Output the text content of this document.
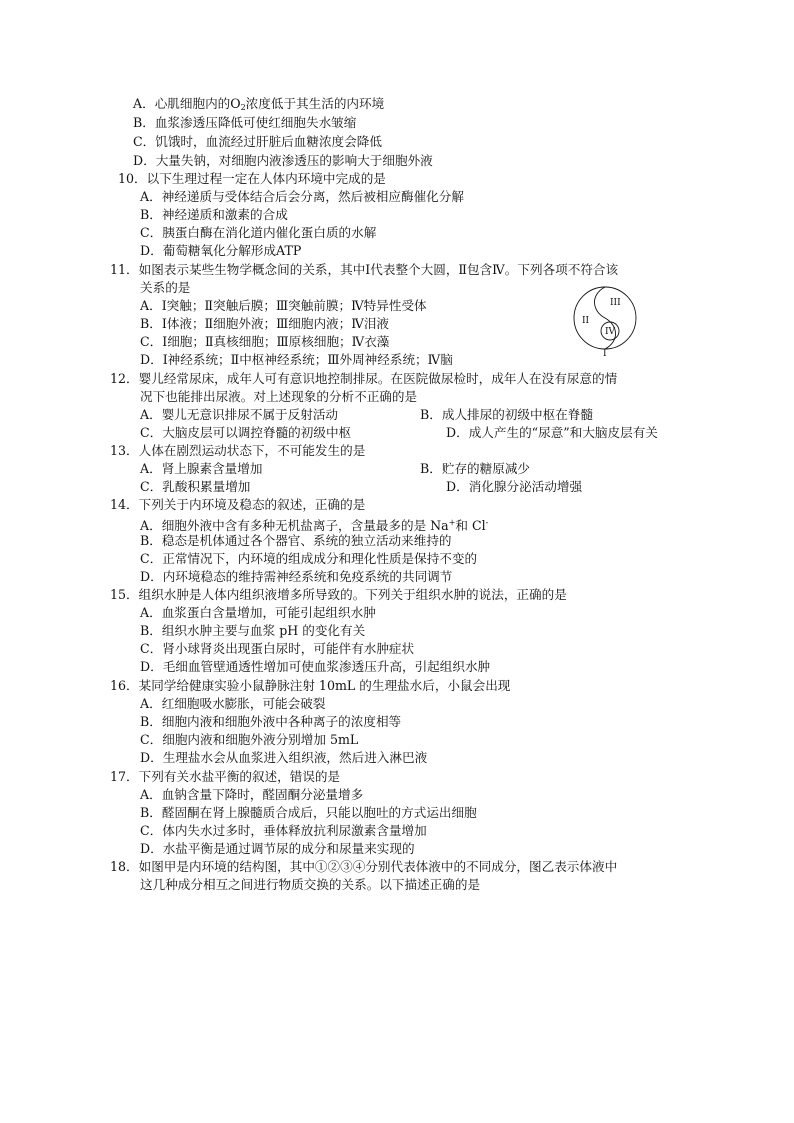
A．心肌细胞内的$O_2$浓度低于其生活的内环境
B．血浆渗透压降低可使红细胞失水皱缩
C．饥饿时，血流经过肝脏后血糖浓度会降低
D．大量失钠，对细胞内液渗透压的影响大于细胞外液
10．以下生理过程一定在人体内环境中完成的是
A．神经递质与受体结合后会分离，然后被相应酶催化分解
B．神经递质和激素的合成
C．胰蛋白酶在消化道内催化蛋白质的水解
D．葡萄糖氧化分解形成ATP
11．如图表示某些生物学概念间的关系，其中Ⅰ代表整个大圆，Ⅱ包含Ⅳ。下列各项不符合该
关系的是
A．Ⅰ突触；Ⅱ突触后膜；Ⅲ突触前膜；Ⅳ特异性受体
B．Ⅰ体液；Ⅱ细胞外液；Ⅲ细胞内液；Ⅳ泪液
C．Ⅰ细胞；Ⅱ真核细胞；Ⅲ原核细胞；Ⅳ衣藻
D．Ⅰ神经系统；Ⅱ中枢神经系统；Ⅲ外周神经系统；Ⅳ脑
III
II
IV
I
12．婴儿经常尿床，成年人可有意识地控制排尿。在医院做尿检时，成年人在没有尿意的情
况下也能排出尿液。对上述现象的分析不正确的是
A．婴儿无意识排尿不属于反射活动	B．成人排尿的初级中枢在脊髓
C．大脑皮层可以调控脊髓的初级中枢	D．成人产生的“尿意”和大脑皮层有关
13．人体在剧烈运动状态下，不可能发生的是
A．肾上腺素含量增加	B．贮存的糖原减少
C．乳酸积累量增加	D．消化腺分泌活动增强
14．下列关于内环境及稳态的叙述，正确的是
A．细胞外液中含有多种无机盐离子，含量最多的是 Na+和 Cl-
B．稳态是机体通过各个器官、系统的独立活动来维持的
C．正常情况下，内环境的组成成分和理化性质是保持不变的
D．内环境稳态的维持需神经系统和免疫系统的共同调节
15．组织水肿是人体内组织液增多所导致的。下列关于组织水肿的说法，正确的是
A．血浆蛋白含量增加，可能引起组织水肿
B．组织水肿主要与血浆 pH 的变化有关
C．肾小球肾炎出现蛋白尿时，可能伴有水肿症状
D．毛细血管壁通透性增加可使血浆渗透压升高，引起组织水肿
16．某同学给健康实验小鼠静脉注射 10mL 的生理盐水后，小鼠会出现
A．红细胞吸水膨胀，可能会破裂
B．细胞内液和细胞外液中各种离子的浓度相等
C．细胞内液和细胞外液分别增加 5mL
D．生理盐水会从血浆进入组织液，然后进入淋巴液
17．下列有关水盐平衡的叙述，错误的是
A．血钠含量下降时，醛固酮分泌量增多
B．醛固酮在肾上腺髓质合成后，只能以胞吐的方式运出细胞
C．体内失水过多时，垂体释放抗利尿激素含量增加
D．水盐平衡是通过调节尿的成分和尿量来实现的
18．如图甲是内环境的结构图，其中①②③④分别代表体液中的不同成分，图乙表示体液中
这几种成分相互之间进行物质交换的关系。以下描述正确的是
